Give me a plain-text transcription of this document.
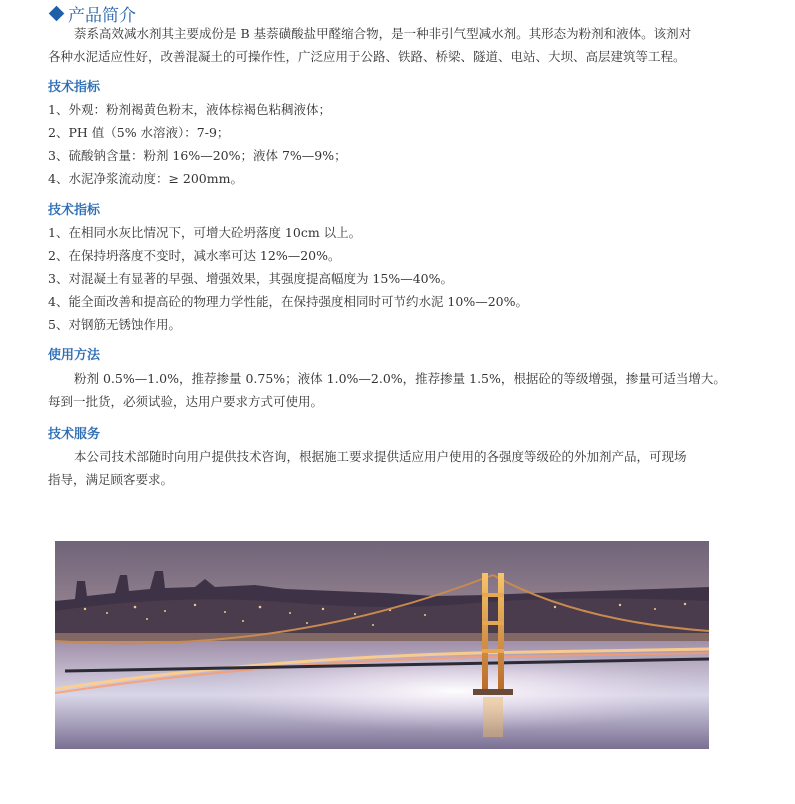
产品简介
萘系高效减水剂其主要成份是 B 基萘磺酸盐甲醛缩合物，是一种非引气型减水剂。其形态为粉剂和液体。该剂对
各种水泥适应性好，改善混凝土的可操作性，广泛应用于公路、铁路、桥梁、隧道、电站、大坝、高层建筑等工程。
技术指标
1、外观：粉剂褐黄色粉末，液体棕褐色粘稠液体；
2、PH 值（5% 水溶液）：7-9；
3、硫酸钠含量：粉剂 16%—20%；液体 7%—9%；
4、水泥净浆流动度：≥ 200mm。
技术指标
1、在相同水灰比情况下，可增大砼坍落度 10cm 以上。
2、在保持坍落度不变时，减水率可达 12%—20%。
3、对混凝土有显著的早强、增强效果，其强度提高幅度为 15%—40%。
4、能全面改善和提高砼的物理力学性能，在保持强度相同时可节约水泥 10%—20%。
5、对钢筋无锈蚀作用。
使用方法
粉剂 0.5%—1.0%，推荐掺量 0.75%；液体 1.0%—2.0%，推荐掺量 1.5%，根据砼的等级增强，掺量可适当增大。
每到一批货，必须试验，达用户要求方式可使用。
技术服务
本公司技术部随时向用户提供技术咨询，根据施工要求提供适应用户使用的各强度等级砼的外加剂产品，可现场
指导，满足顾客要求。
